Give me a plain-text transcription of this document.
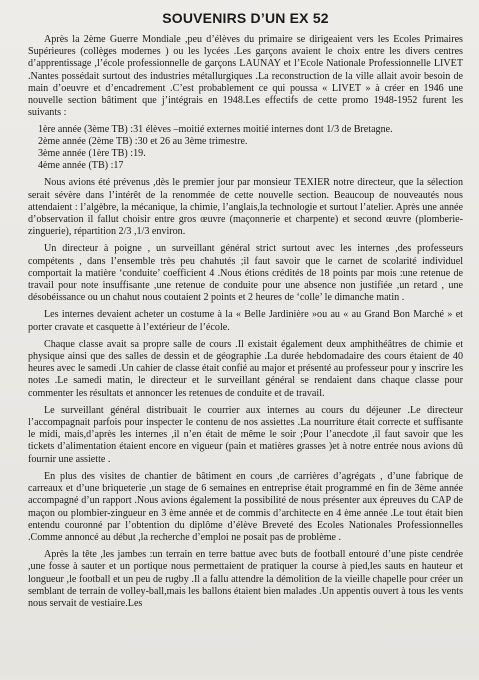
SOUVENIRS D’UN EX 52

Après la 2ème Guerre Mondiale ,peu d’élèves du primaire se dirigeaient vers les Ecoles Primaires Supérieures (collèges modernes ) ou les lycées .Les garçons avaient le choix entre les divers centres d’apprentissage ,l’école professionnelle de garçons LAUNAY et l’Ecole Nationale Professionnelle LIVET .Nantes possédait surtout des industries métallurgiques .La reconstruction de la ville allait avoir besoin de main d’oeuvre et d’encadrement .C’est probablement ce qui poussa « LIVET » à créer en 1946 une nouvelle section bâtiment que j’intégrais en 1948.Les effectifs de cette promo 1948-1952 furent les suivants :

1ère année (3ème TB) :31 élèves –moitié externes moitié internes dont 1/3 de Bretagne.
2ème année (2ème TB) :30 et 26 au 3ème trimestre.
3ème année (1ère TB) :19.
4ème année (TB) :17

Nous avions été prévenus ,dès le premier jour par monsieur TEXIER notre directeur, que la sélection serait sévère dans l’intérêt de la renommée de cette nouvelle section. Beaucoup de nouveautés nous attendaient : l’algèbre, la mécanique, la chimie, l’anglais,la technologie et surtout l’atelier. Après une année d’observation il fallut choisir entre gros œuvre (maçonnerie et charpente) et second œuvre (plomberie-zinguerie), répartition 2/3 ,1/3 environ.

Un directeur à poigne , un surveillant général strict surtout avec les internes ,des professeurs compétents , dans l’ensemble très peu chahutés ;il faut savoir que le carnet de scolarité individuel comportait la matière ‘conduite’ coefficient 4 .Nous étions crédités de 18 points par mois :une retenue de travail pour note insuffisante ,une retenue de conduite pour une absence non justifiée ,un retard , une désobéissance ou un chahut nous coutaient 2 points et 2 heures de ‘colle’ le dimanche matin .

Les internes devaient acheter un costume à la « Belle Jardinière »ou au « au Grand Bon Marché » et porter cravate et casquette à l’extérieur de l’école.

Chaque classe avait sa propre salle de cours .Il existait également deux amphithéâtres de chimie et physique ainsi que des salles de dessin et de géographie .La durée hebdomadaire des cours étaient de 40 heures avec le samedi .Un cahier de classe était confié au major et présenté au professeur pour y inscrire les notes .Le samedi matin, le directeur et le surveillant général se rendaient dans chaque classe pour commenter les résultats et annoncer les retenues de conduite et de travail.

Le surveillant général distribuait le courrier aux internes au cours du déjeuner .Le directeur l’accompagnait parfois pour inspecter le contenu de nos assiettes .La nourriture était correcte et suffisante le midi, mais,d’après les internes ,il n’en était de même le soir ;Pour l’anecdote ,il faut savoir que les tickets d’alimentation étaient encore en vigueur (pain et matières grasses )et à notre entrée nous avions dû fournir une assiette .

En plus des visites de chantier de bâtiment en cours ,de carrières d’agrégats , d’une fabrique de carreaux et d’une briqueterie ,un stage de 6 semaines en entreprise était programmé en fin de 3ème année accompagné d’un rapport .Nous avions également la possibilité de nous présenter aux épreuves du CAP de maçon ou plombier-zingueur en 3 ème année et de commis d’architecte en 4 ème année .Le tout était bien entendu couronné par l’obtention du diplôme d’élève Breveté des Ecoles Nationales Professionnelles .Comme annoncé au début ,la recherche d’emploi ne posait pas de problème .

Après la tête ,les jambes :un terrain en terre battue avec buts de football entouré d’une piste cendrée ,une fosse à sauter et un portique nous permettaient de pratiquer la course à pied,les sauts en hauteur et longueur ,le football et un peu de rugby .Il a fallu attendre la démolition de la vieille chapelle pour créer un semblant de terrain de volley-ball,mais les ballons étaient bien malades .Un appentis ouvert à tous les vents nous servait de vestiaire.Les
